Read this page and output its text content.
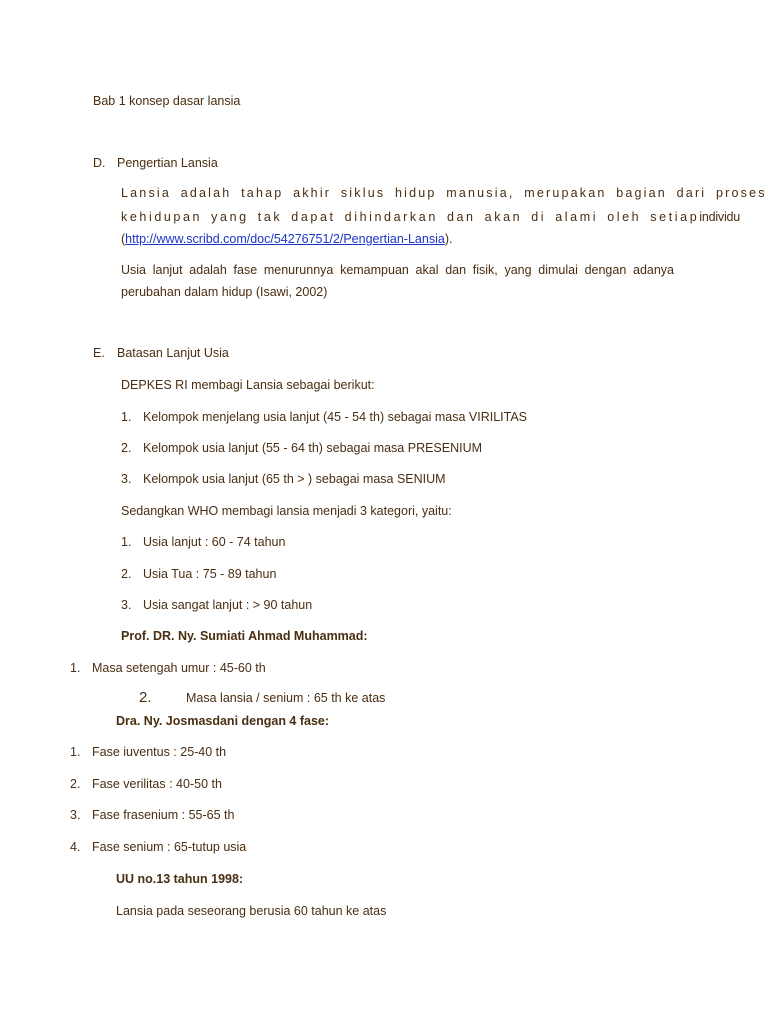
Bab 1 konsep dasar lansia
D. Pengertian Lansia
Lansia adalah tahap akhir siklus hidup manusia, merupakan bagian dari proses
kehidupan yang tak dapat dihindarkan dan akan di alami oleh setiapindividu
(http://www.scribd.com/doc/54276751/2/Pengertian-Lansia).
Usia lanjut adalah fase menurunnya kemampuan akal dan fisik, yang dimulai dengan adanya
perubahan dalam hidup (Isawi, 2002)
E. Batasan Lanjut Usia
DEPKES RI membagi Lansia sebagai berikut:
1. Kelompok menjelang usia lanjut (45 - 54 th) sebagai masa VIRILITAS
2. Kelompok usia lanjut (55 - 64 th) sebagai masa PRESENIUM
3. Kelompok usia lanjut (65 th > ) sebagai masa SENIUM
Sedangkan WHO membagi lansia menjadi 3 kategori, yaitu:
1. Usia lanjut : 60 - 74 tahun
2. Usia Tua : 75 - 89 tahun
3. Usia sangat lanjut : > 90 tahun
Prof. DR. Ny. Sumiati Ahmad Muhammad:
1. Masa setengah umur : 45-60 th
2.	Masa lansia / senium : 65 th ke atas
Dra. Ny. Josmasdani dengan 4 fase:
1. Fase iuventus : 25-40 th
2. Fase verilitas : 40-50 th
3. Fase frasenium : 55-65 th
4. Fase senium : 65-tutup usia
UU no.13 tahun 1998:
Lansia pada seseorang berusia 60 tahun ke atas
